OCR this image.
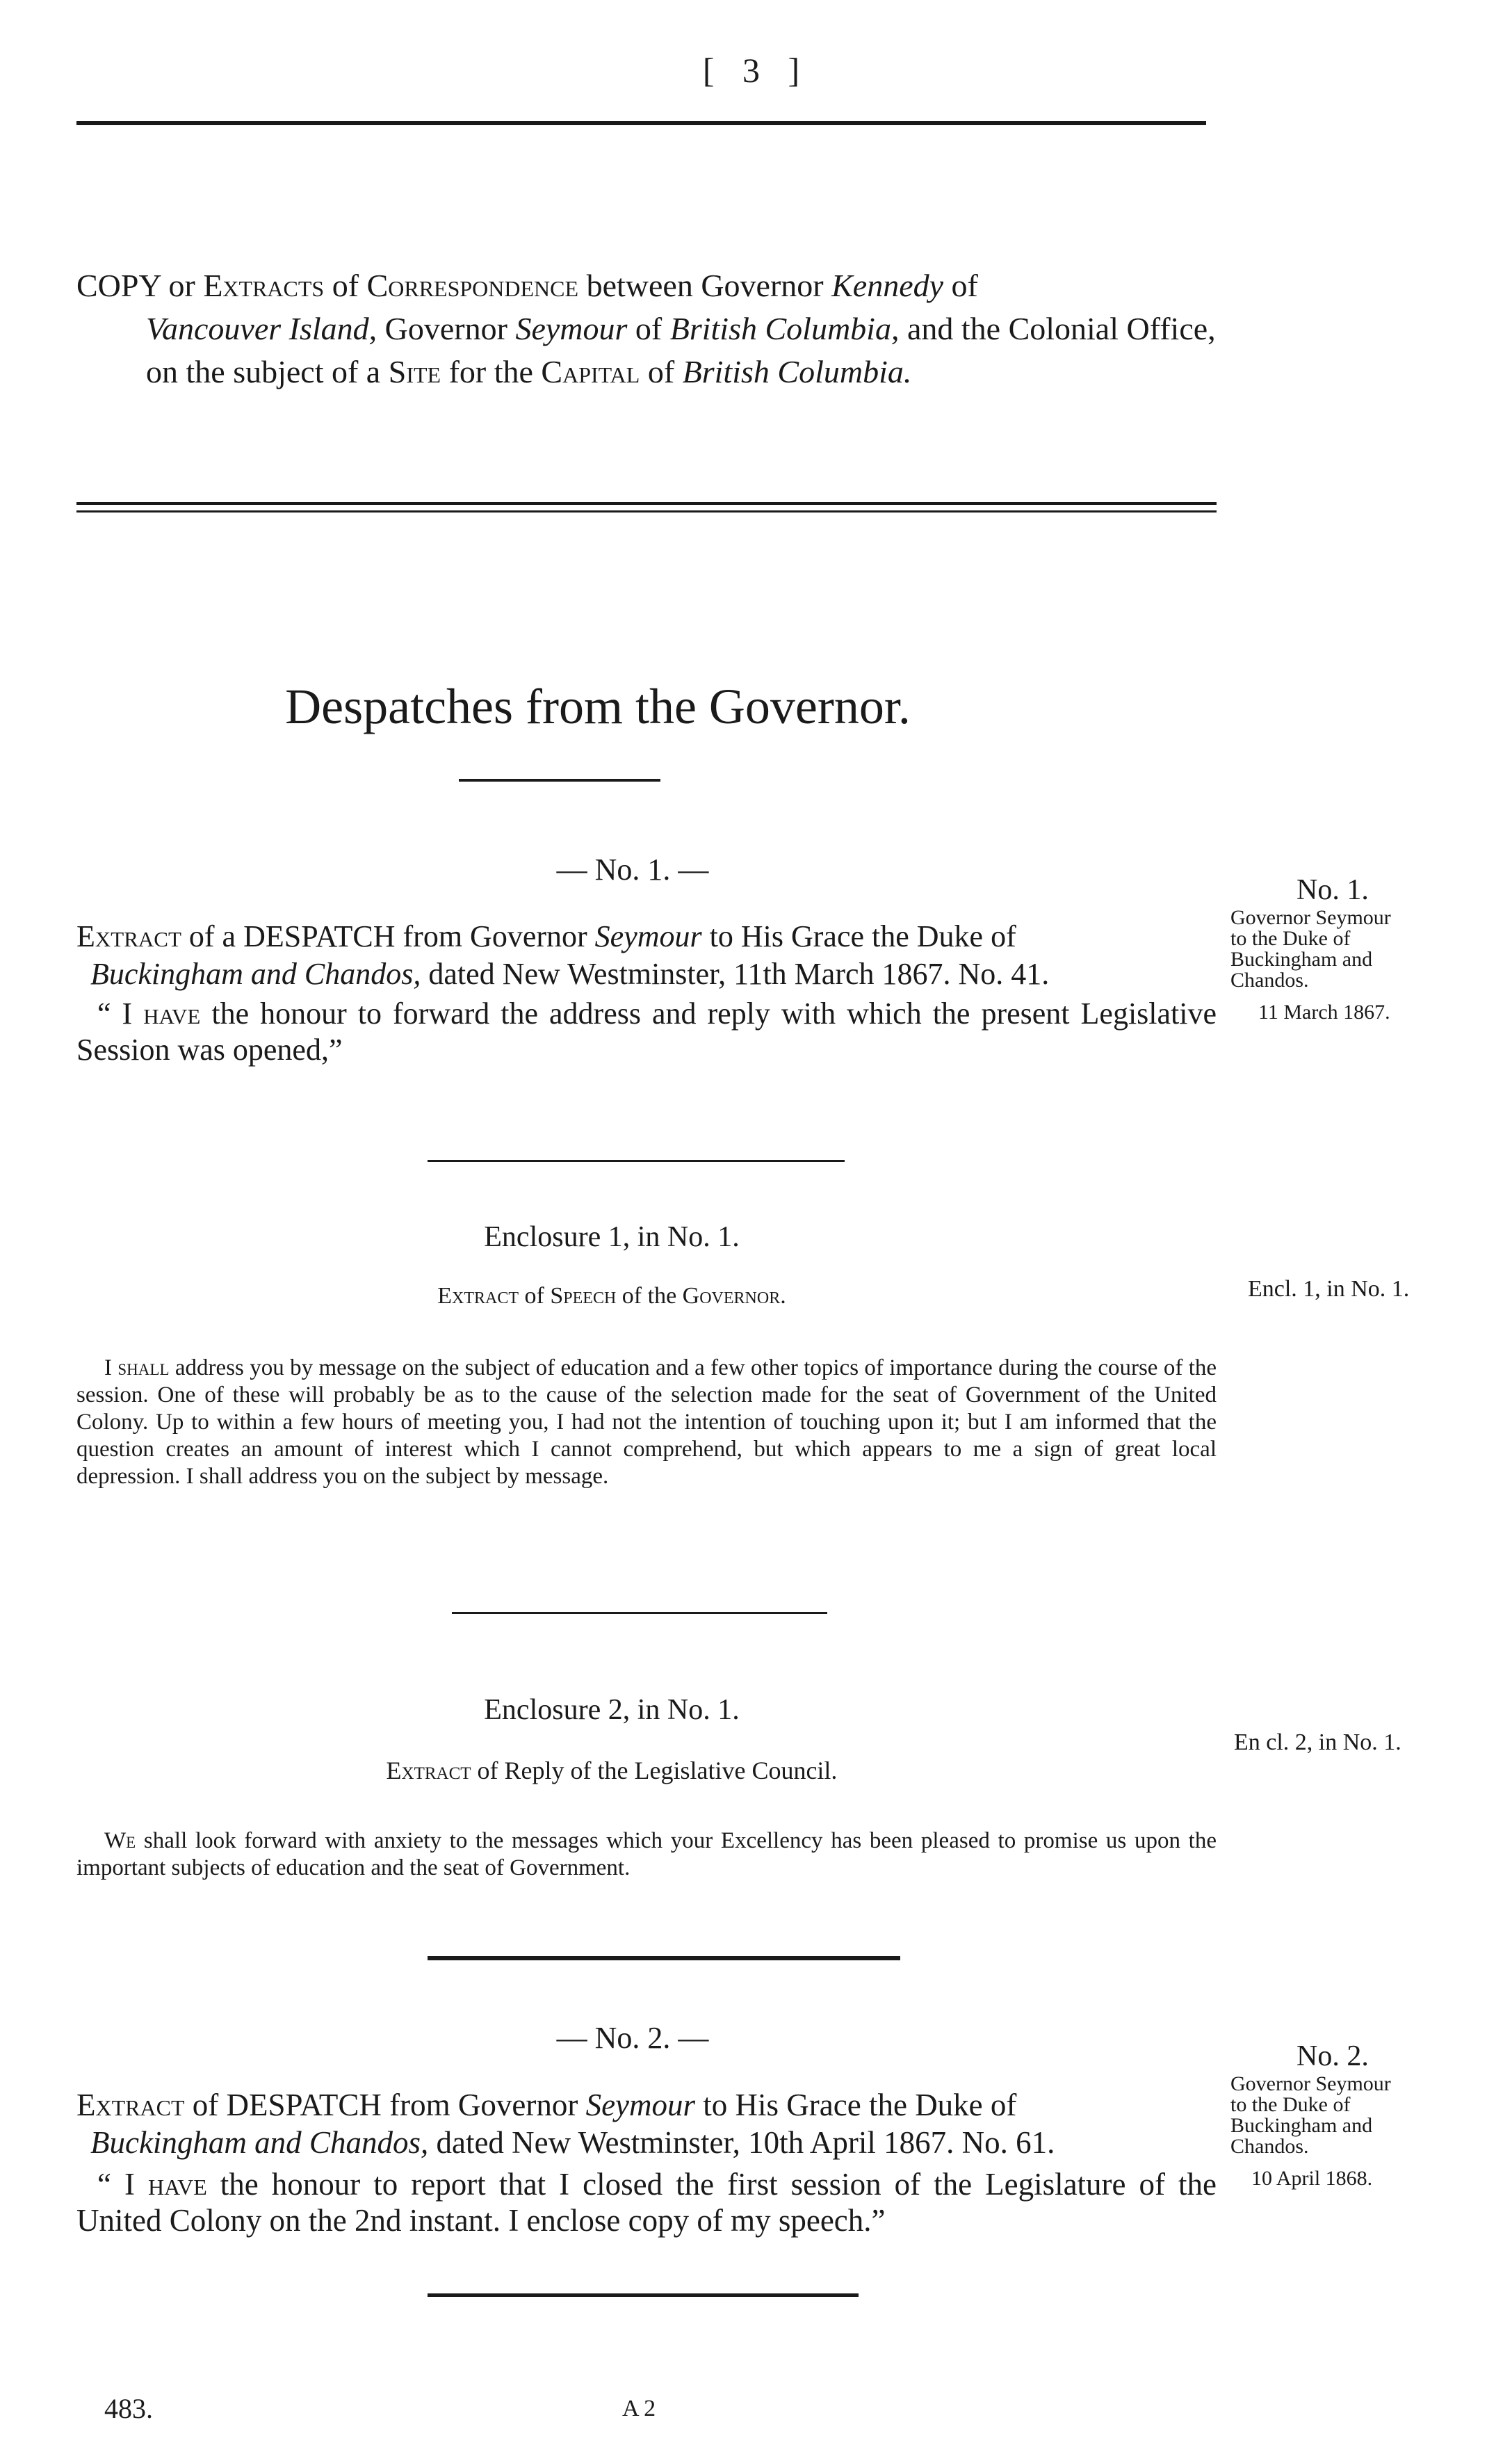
[ 3 ]
COPY or Extracts of Correspondence between Governor Kennedy of
Vancouver Island, Governor Seymour of British Columbia, and the Colonial Office, on the subject of a Site for the Capital of British Columbia.
Despatches from the Governor.
— No. 1. —
Extract of a DESPATCH from Governor Seymour to His Grace the Duke of
Buckingham and Chandos, dated New Westminster, 11th March 1867. No. 41.
“ I have the honour to forward the address and reply with which the present Legislative Session was opened,”
No. 1.
Governor Seymour
to the Duke of
Buckingham and
Chandos.
11 March 1867.
Enclosure 1, in No. 1.
Extract of Speech of the Governor.	Encl. 1, in No. 1.
I shall address you by message on the subject of education and a few other topics of importance during the course of the session. One of these will probably be as to the cause of the selection made for the seat of Government of the United Colony. Up to within a few hours of meeting you, I had not the intention of touching upon it; but I am informed that the question creates an amount of interest which I cannot comprehend, but which appears to me a sign of great local depression. I shall address you on the subject by message.
Enclosure 2, in No. 1.
Extract of Reply of the Legislative Council.
En cl. 2, in No. 1.
We shall look forward with anxiety to the messages which your Excellency has been pleased to promise us upon the important subjects of education and the seat of Government.
— No. 2. —
Extract of DESPATCH from Governor Seymour to His Grace the Duke of
Buckingham and Chandos, dated New Westminster, 10th April 1867. No. 61.
“ I have the honour to report that I closed the first session of the Legislature of the United Colony on the 2nd instant. I enclose copy of my speech.”
No. 2.
Governor Seymour
to the Duke of
Buckingham and
Chandos.
10 April 1868.
483.	A 2
